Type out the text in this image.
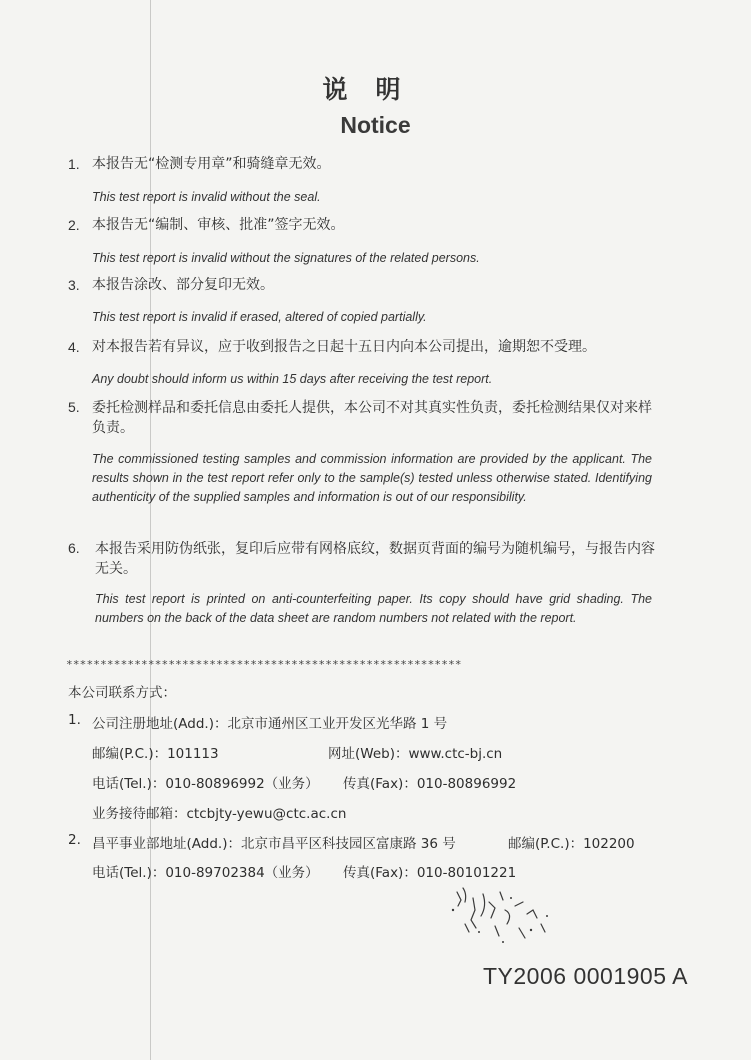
说明
Notice
1. 本报告无“检测专用章”和骑缝章无效。
This test report is invalid without the seal.
2. 本报告无“编制、审核、批准”签字无效。
This test report is invalid without the signatures of the related persons.
3. 本报告涂改、部分复印无效。
This test report is invalid if erased, altered of copied partially.
4. 对本报告若有异议，应于收到报告之日起十五日内向本公司提出，逾期恕不受理。
Any doubt should inform us within 15 days after receiving the test report.
5. 委托检测样品和委托信息由委托人提供，本公司不对其真实性负责，委托检测结果仅对来样负责。
The commissioned testing samples and commission information are provided by the applicant. The results shown in the test report refer only to the sample(s) tested unless otherwise stated. Identifying authenticity of the supplied samples and information is out of our responsibility.
6. 本报告采用防伪纸张，复印后应带有网格底纹，数据页背面的编号为随机编号，与报告内容无关。
This test report is printed on anti-counterfeiting paper. Its copy should have grid shading. The numbers on the back of the data sheet are random numbers not related with the report.
**********************************************************
本公司联系方式：
1. 公司注册地址(Add.)：北京市通州区工业开发区光华路 1 号
邮编(P.C.)：101113	网址(Web)：www.ctc-bj.cn
电话(Tel.)：010-80896992（业务） 传真(Fax)：010-80896992
业务接待邮箱：ctcbjty-yewu@ctc.ac.cn
2. 昌平事业部地址(Add.)：北京市昌平区科技园区富康路 36 号	邮编(P.C.)：102200
电话(Tel.)：010-89702384（业务） 传真(Fax)：010-80101221
TY2006 0001905 A
